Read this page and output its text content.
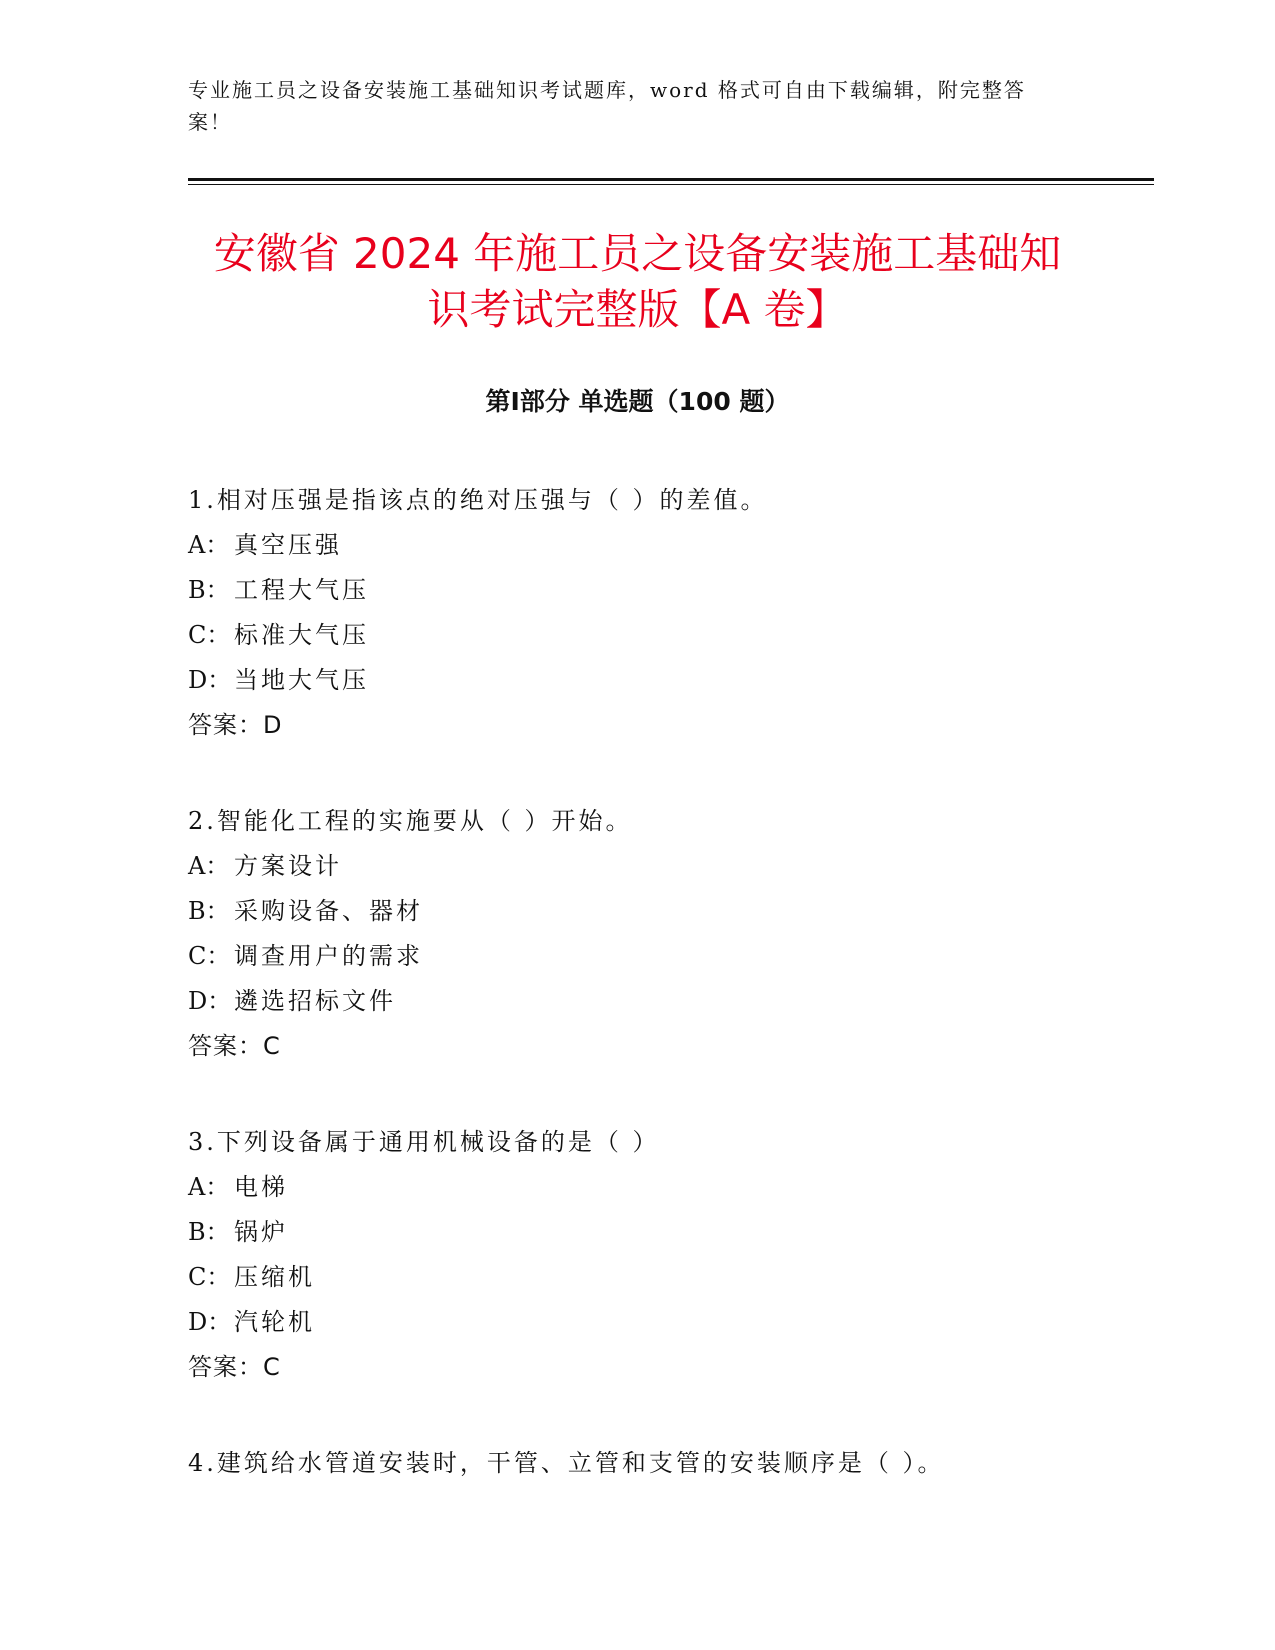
专业施工员之设备安装施工基础知识考试题库，word 格式可自由下载编辑，附完整答案！
安徽省 2024 年施工员之设备安装施工基础知
识考试完整版【A 卷】
第Ⅰ部分 单选题（100 题）
1.相对压强是指该点的绝对压强与（ ）的差值。
A： 真空压强
B： 工程大气压
C： 标准大气压
D： 当地大气压
答案：D
2.智能化工程的实施要从（ ）开始。
A： 方案设计
B： 采购设备、器材
C： 调查用户的需求
D： 遴选招标文件
答案：C
3.下列设备属于通用机械设备的是（ ）
A： 电梯
B： 锅炉
C： 压缩机
D： 汽轮机
答案：C
4.建筑给水管道安装时，干管、立管和支管的安装顺序是（ ）。
